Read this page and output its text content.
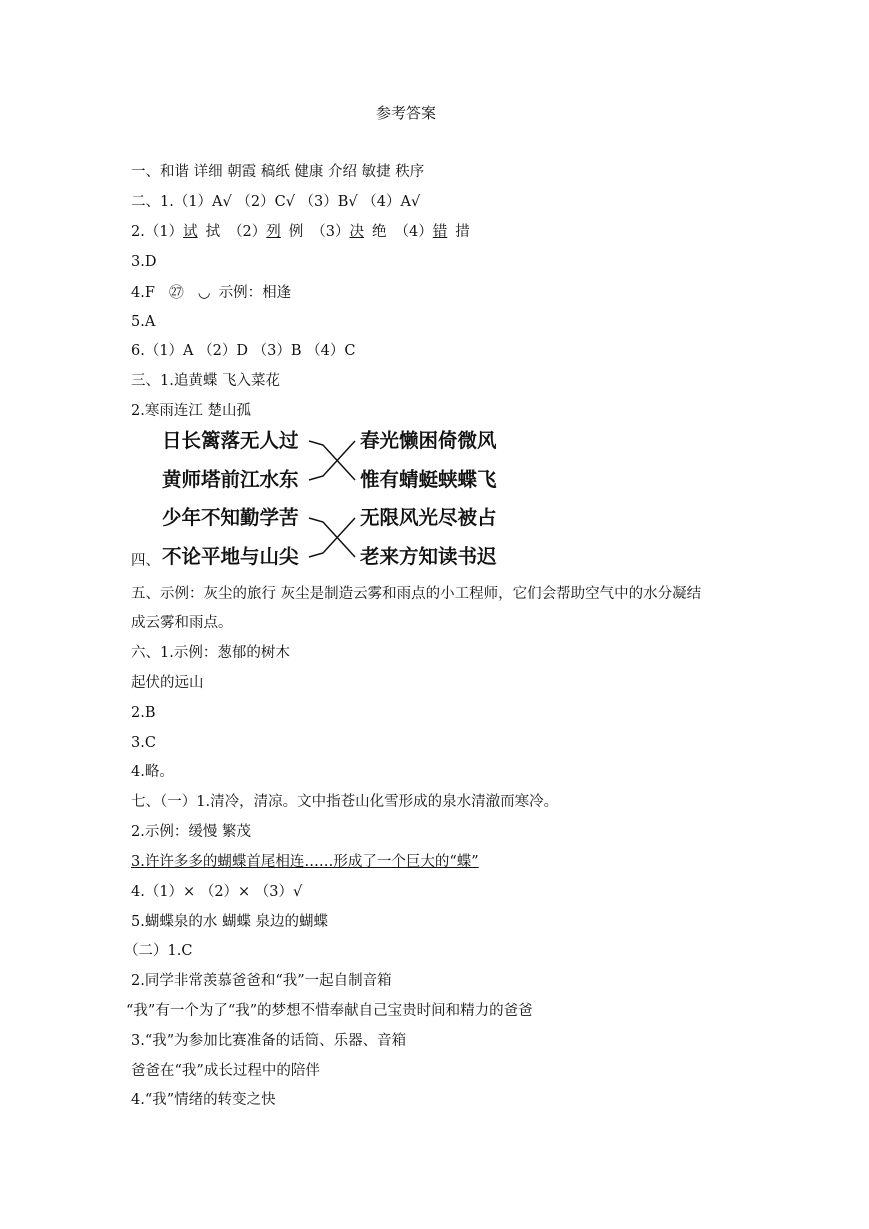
参考答案
一、和谐 详细 朝霞 稿纸 健康 介绍 敏捷 秩序
二、1.（1）A√ （2）C√ （3）B√ （4）A√
2.（1）试 拭 （2）列 例 （3）决 绝 （4）错 措
3.D
4.F ㉗ ◡ 示例：相逢
5.A
6.（1）A （2）D （3）B （4）C
三、1.追黄蝶 飞入菜花
2.寒雨连江 楚山孤
日长篱落无人过
黄师塔前江水东
少年不知勤学苦
不论平地与山尖
春光懒困倚微风
惟有蜻蜓蛱蝶飞
无限风光尽被占
老来方知读书迟
四、
五、示例：灰尘的旅行 灰尘是制造云雾和雨点的小工程师，它们会帮助空气中的水分凝结
成云雾和雨点。
六、1.示例：葱郁的树木
起伏的远山
2.B
3.C
4.略。
七、（一）1.清冷，清凉。文中指苍山化雪形成的泉水清澈而寒冷。
2.示例：缓慢 繁茂
3.许许多多的蝴蝶首尾相连……形成了一个巨大的“蝶”
4.（1）× （2）× （3）√
5.蝴蝶泉的水 蝴蝶 泉边的蝴蝶
（二）1.C
2.同学非常羡慕爸爸和“我”一起自制音箱
“我”有一个为了“我”的梦想不惜奉献自己宝贵时间和精力的爸爸
3.“我”为参加比赛准备的话筒、乐器、音箱
爸爸在“我”成长过程中的陪伴
4.“我”情绪的转变之快
